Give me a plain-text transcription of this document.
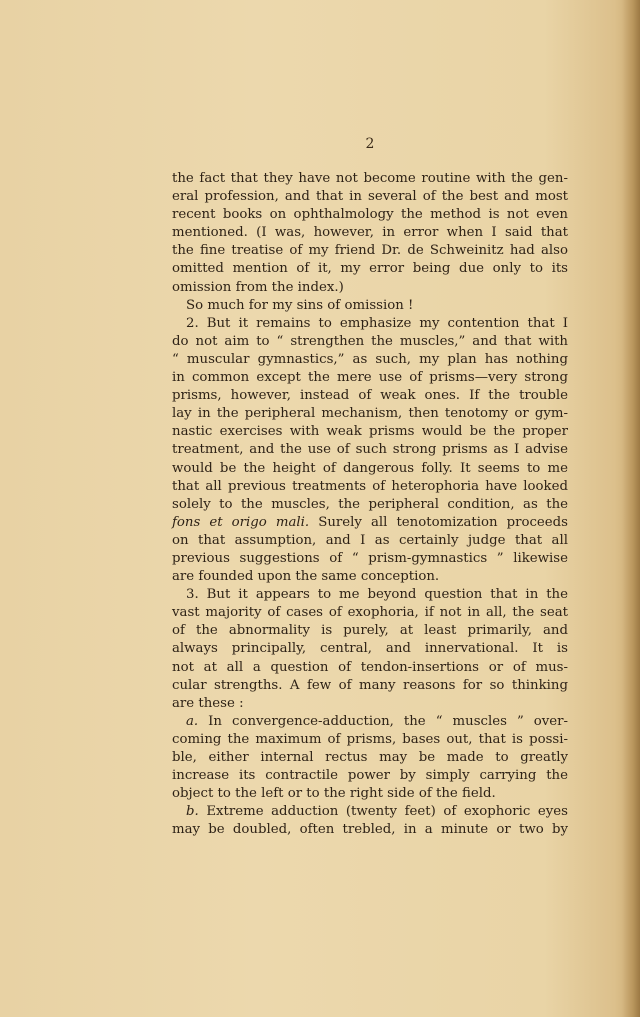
2
the fact that they have not become routine with the gen-
eral profession, and that in several of the best and most
recent books on ophthalmology the method is not even
mentioned. (I was, however, in error when I said that
the fine treatise of my friend Dr. de Schweinitz had also
omitted mention of it, my error being due only to its
omission from the index.)
So much for my sins of omission !
2. But it remains to emphasize my contention that I
do not aim to “ strengthen the muscles,” and that with
“ muscular gymnastics,” as such, my plan has nothing
in common except the mere use of prisms—very strong
prisms, however, instead of weak ones. If the trouble
lay in the peripheral mechanism, then tenotomy or gym-
nastic exercises with weak prisms would be the proper
treatment, and the use of such strong prisms as I advise
would be the height of dangerous folly. It seems to me
that all previous treatments of heterophoria have looked
solely to the muscles, the peripheral condition, as the
fons et origo mali. Surely all tenotomization proceeds
on that assumption, and I as certainly judge that all
previous suggestions of “ prism-gymnastics ” likewise
are founded upon the same conception.
3. But it appears to me beyond question that in the
vast majority of cases of exophoria, if not in all, the seat
of the abnormality is purely, at least primarily, and
always principally, central, and innervational. It is
not at all a question of tendon-insertions or of mus-
cular strengths. A few of many reasons for so thinking
are these :
a. In convergence-adduction, the “ muscles ” over-
coming the maximum of prisms, bases out, that is possi-
ble, either internal rectus may be made to greatly
increase its contractile power by simply carrying the
object to the left or to the right side of the field.
b. Extreme adduction (twenty feet) of exophoric eyes
may be doubled, often trebled, in a minute or two by
